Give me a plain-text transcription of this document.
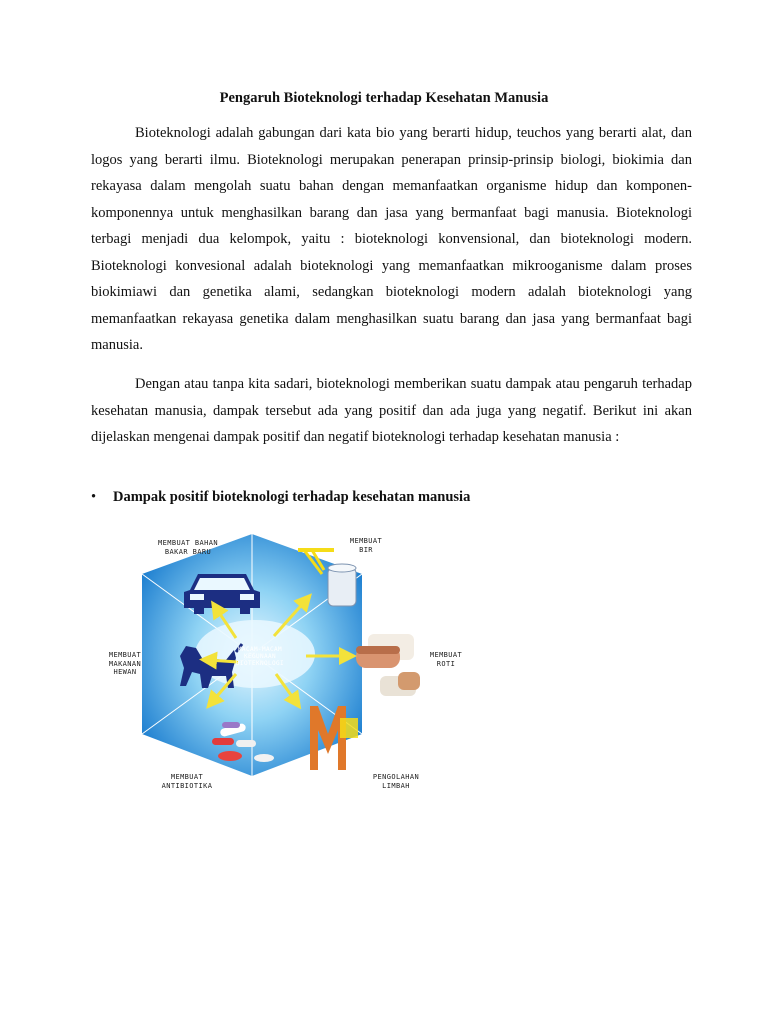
Pengaruh Bioteknologi terhadap Kesehatan Manusia

Bioteknologi adalah gabungan dari kata bio yang berarti hidup, teuchos yang berarti alat, dan logos yang berarti ilmu. Bioteknologi merupakan penerapan prinsip-prinsip biologi, biokimia dan rekayasa dalam mengolah suatu bahan dengan memanfaatkan organisme hidup dan komponen-komponennya untuk menghasilkan barang dan jasa yang bermanfaat bagi manusia. Bioteknologi terbagi menjadi dua kelompok, yaitu : bioteknologi konvensional, dan bioteknologi modern. Bioteknologi konvesional adalah bioteknologi yang memanfaatkan mikrooganisme dalam proses biokimiawi dan genetika alami, sedangkan bioteknologi modern adalah bioteknologi yang memanfaatkan rekayasa genetika dalam menghasilkan suatu barang dan jasa yang bermanfaat bagi manusia.

Dengan atau tanpa kita sadari, bioteknologi memberikan suatu dampak atau pengaruh terhadap kesehatan manusia, dampak tersebut ada yang positif dan ada juga yang negatif. Berikut ini akan dijelaskan mengenai dampak positif dan negatif bioteknologi terhadap kesehatan manusia :

•	Dampak positif bioteknologi terhadap kesehatan manusia
MACAM-MACAM
KEGUNAAN
BIOTEKNOLOGI
MEMBUAT BAHAN
BAKAR BARU
MEMBUAT
BIR
MEMBUAT
MAKANAN
HEWAN
MEMBUAT
ROTI
MEMBUAT
ANTIBIOTIKA
PENGOLAHAN
LIMBAH
